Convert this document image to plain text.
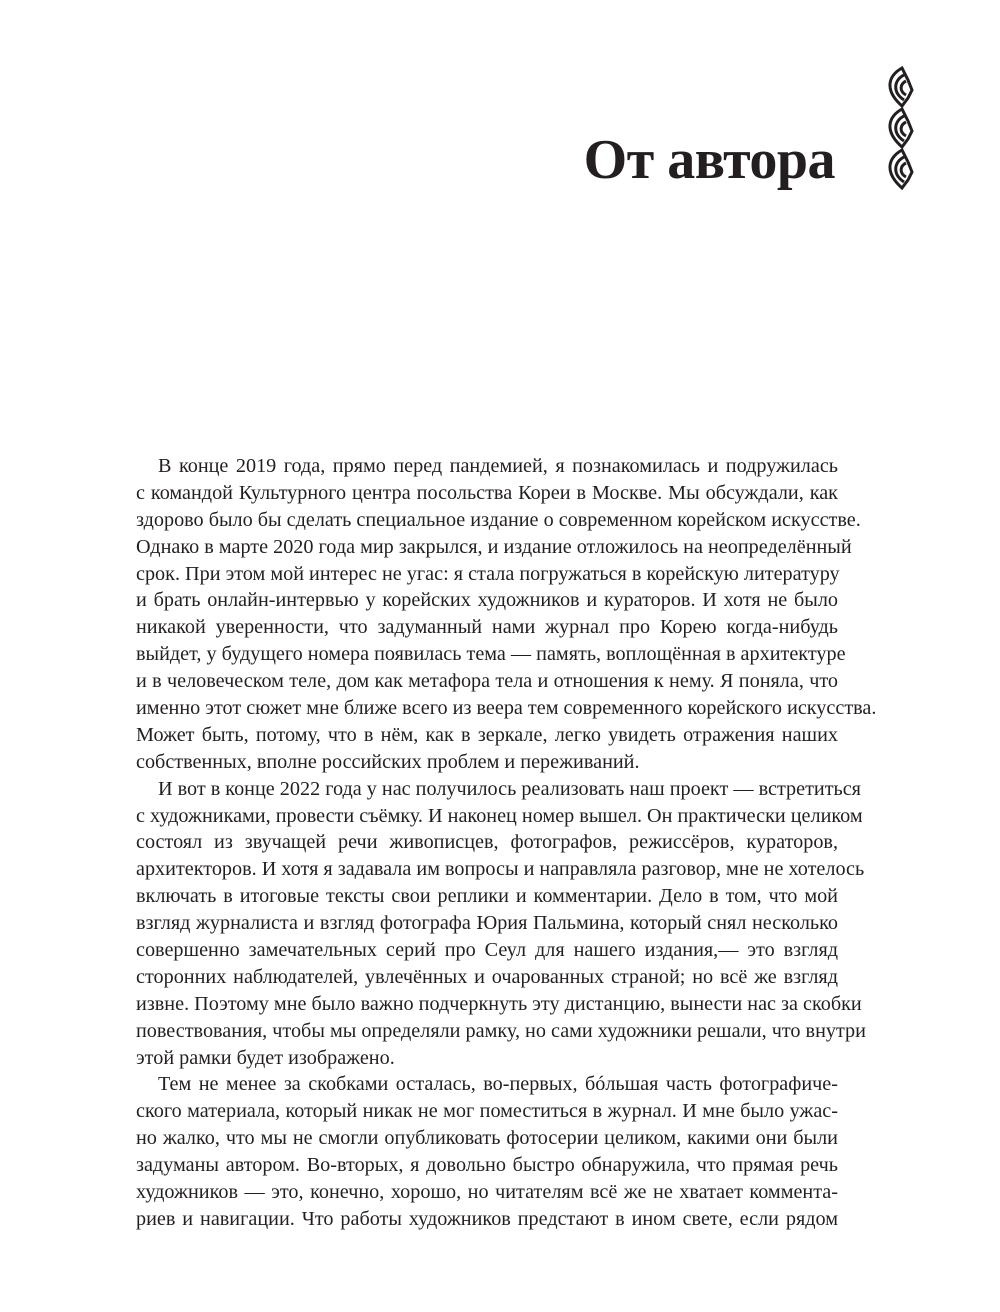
От автора
В конце 2019 года, прямо перед пандемией, я познакомилась и подружилась
с командой Культурного центра посольства Кореи в Москве. Мы обсуждали, как
здорово было бы сделать специальное издание о современном корейском искусстве.
Однако в марте 2020 года мир закрылся, и издание отложилось на неопределённый
срок. При этом мой интерес не угас: я стала погружаться в корейскую литературу
и брать онлайн-интервью у корейских художников и кураторов. И хотя не было
никакой уверенности, что задуманный нами журнал про Корею когда-нибудь
выйдет, у будущего номера появилась тема — память, воплощённая в архитектуре
и в человеческом теле, дом как метафора тела и отношения к нему. Я поняла, что
именно этот сюжет мне ближе всего из веера тем современного корейского искусства.
Может быть, потому, что в нём, как в зеркале, легко увидеть отражения наших
собственных, вполне российских проблем и переживаний.
И вот в конце 2022 года у нас получилось реализовать наш проект — встретиться
с художниками, провести съёмку. И наконец номер вышел. Он практически целиком
состоял из звучащей речи живописцев, фотографов, режиссёров, кураторов,
архитекторов. И хотя я задавала им вопросы и направляла разговор, мне не хотелось
включать в итоговые тексты свои реплики и комментарии. Дело в том, что мой
взгляд журналиста и взгляд фотографа Юрия Пальмина, который снял несколько
совершенно замечательных серий про Сеул для нашего издания,— это взгляд
сторонних наблюдателей, увлечённых и очарованных страной; но всё же взгляд
извне. Поэтому мне было важно подчеркнуть эту дистанцию, вынести нас за скобки
повествования, чтобы мы определяли рамку, но сами художники решали, что внутри
этой рамки будет изображено.
Тем не менее за скобками осталась, во-первых, бóльшая часть фотографиче-
ского материала, который никак не мог поместиться в журнал. И мне было ужас-
но жалко, что мы не смогли опубликовать фотосерии целиком, какими они были
задуманы автором. Во-вторых, я довольно быстро обнаружила, что прямая речь
художников — это, конечно, хорошо, но читателям всё же не хватает коммента-
риев и навигации. Что работы художников предстают в ином свете, если рядом
